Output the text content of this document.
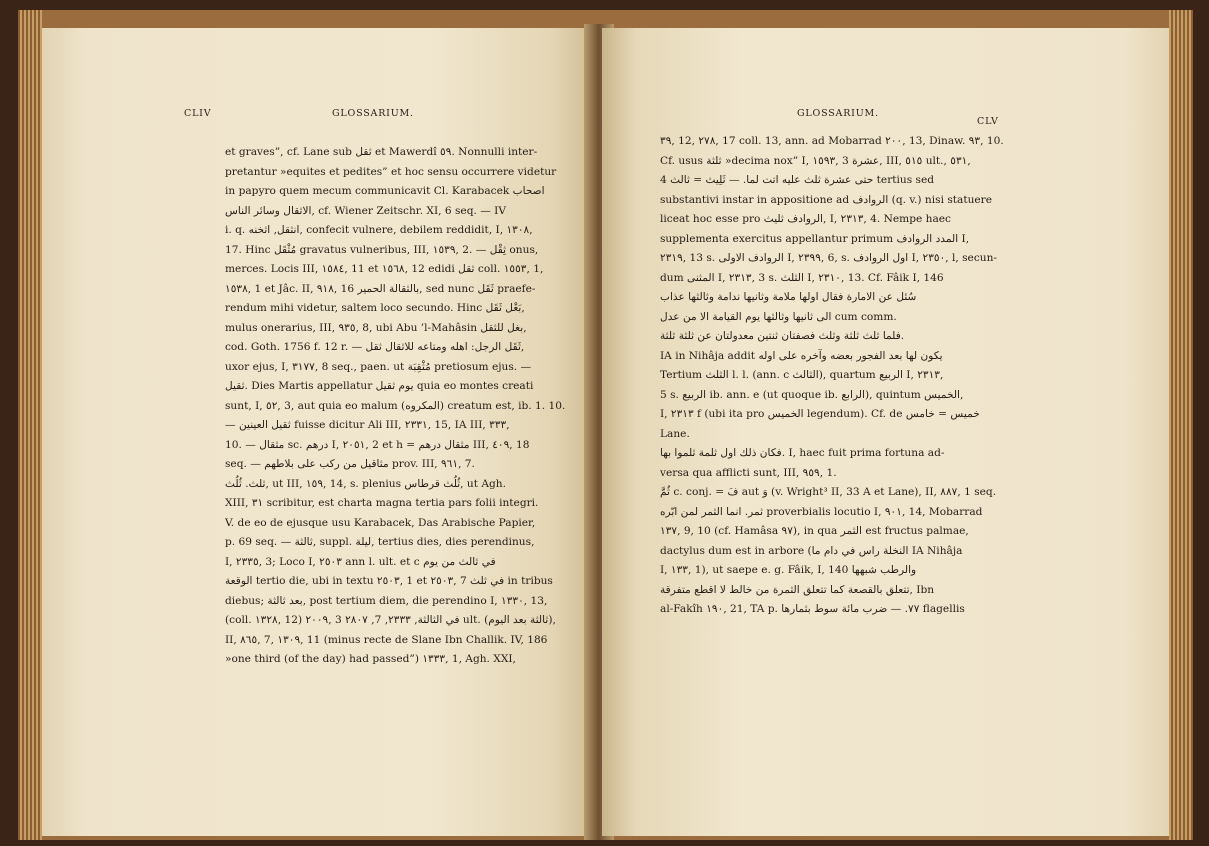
CLIV	GLOSSARIUM.
et graves”, cf. Lane sub ثقل et Mawerdî ٥٩. Nonnulli inter-
pretantur »equites et pedites” et hoc sensu occurrere videtur
in papyro quem mecum communicavit Cl. Karabacek اصحاب
الاثقال وسائر الناس, cf. Wiener Zeitschr. XI, 6 seq. — IV
i. q. انثقل, اثخنه, confecit vulnere, debilem reddidit, I, ١٣٠٨,
17. Hinc مُثْقَل gravatus vulneribus, III, ١٥٣٩, 2. — ثِقْل onus,
merces. Locis III, ١٥٨٤, 11 et ١٥٦٨, 12 edidi ثقل coll. ١٥٥٣, 1,
١٥٣٨, 1 et Jâc. II, ٩١٨, 16 بالثقالة الحمير, sed nunc ثَقَل praefe-
rendum mihi videtur, saltem loco secundo. Hinc بَغْل ثَقَل,
mulus onerarius, III, ٩٣٥, 8, ubi Abu ’l-Mahâsin بغل للثقل,
cod. Goth. 1756 f. 12 r. — ثَقَل الرجل: اهله ومتاعه للاثقال ثقل,
uxor ejus, I, ٣١٧٧, 8 seq., paen. ut مُثْقِبَة pretiosum ejus. —
ثقيل. Dies Martis appellatur يوم ثقيل quia eo montes creati
sunt, I, ٥٢, 3, aut quia eo malum (المكروه) creatum est, ib. 1. 10.
— ثقيل العينين fuisse dicitur Ali III, ٢٣٣١, 15, IA III, ٣٣٣,
10. — مثقال sc. درهم I, ٢٠٥١, 2 et h = مثقال درهم III, ٤٠٩, 18
seq. — مثاقيل من ركب على بلاطهم prov. III, ٩٦١, 7.
ثلث. ثُلُث, ut III, ١٥٩, 14, s. plenius ثُلُث قرطاس, ut Agh.
XIII, ٣١ scribitur, est charta magna tertia pars folii integri.
V. de eo de ejusque usu Karabacek, Das Arabische Papier,
p. 69 seq. — ثالثة, suppl. ليلة, tertius dies, dies perendinus,
I, ٢٣٣٥, 3; Loco I, ٢٥٠٣ ann l. ult. et c في ثالث من يوم
الوقعة tertio die, ubi in textu ٢٥٠٣, 1 et ٢٥٠٣, 7 في ثلث in tribus
diebus; بعد ثالثة, post tertium diem, die perendino I, ١٣٣٠, 13,
(coll. ١٣٢٨, 12) ٢٠٠٩, 3 في الثالثة, ٢٣٣٣, 7, ٢٨٠٧ ult. (ثالثة بعد اليوم),
II, ٨٦٥, 7, ١٣٠٩, 11 (minus recte de Slane Ibn Challik. IV, 186
»one third (of the day) had passed”) ١٣٣٣, 1, Agh. XXI,
GLOSSARIUM.
CLV
٣٩, 12, ٢٧٨, 17 coll. 13, ann. ad Mobarrad ٢٠٠, 13, Dinaw. ٩٣, 10.
Cf. usus ثلثة »decima nox” I, ١٥٩٣, 3 عشرة, III, ٥١٥ ult., ٥٣١,
4 حتى عشرة ثلث عليه اتت لما. — ثَلِيث = ثالث tertius sed
substantivi instar in appositione ad الروادف (q. v.) nisi statuere
liceat hoc esse pro الروادف ثليث, I, ٢٣١٣, 4. Nempe haec
supplementa exercitus appellantur primum المدد الروادف I,
٢٣١٩, 13 s. الروادف الاولى I, ٢٣٩٩, 6, s. اول الروادف I, ٢٣٥٠, l, secun-
dum المثنى I, ٢٣١٣, 3 s. الثلث I, ٢٣١٠, 13. Cf. Fâik I, 146
سُئل عن الامارة فقال اولها ملامة وثانيها ندامة وثالثها عذاب
الى ثانيها وثالثها يوم القيامة الا من عدل cum comm.
فلما ثلث ثلثة وثلث فصفتان ثنتين معدولتان عن ثلثة ثلثة.
IA in Nihâja addit يكون لها بعد الفجور بعضه وآخره على اوله
Tertium الثلث l. l. (ann. c الثالث), quartum الربيع I, ٢٣١٣,
5 s. الربيع ib. ann. e (ut quoque ib. الرابع), quintum الخميس,
I, ٢٣١٣ f (ubi ita pro الخميس legendum). Cf. de خميس = خامس
Lane.
فكان ذلك اول ثلمة ثلموا بها. I, haec fuit prima fortuna ad-
versa qua afflicti sunt, III, ٩٥٩, 1.
ثُمَّ c. conj. = فَ aut وَ (v. Wright³ II, 33 A et Lane), II, ٨٨٧, 1 seq.
ثمر. انما الثمر لمن ابّره proverbialis locutio I, ٩٠١, 14, Mobarrad
١٣٧, 9, 10 (cf. Hamâsa ٩٧), in qua الثمر est fructus palmae,
dactylus dum est in arbore (النخلة راس في دام ما IA Nihâja
I, ١٣٣, 1), ut saepe e. g. Fâik, I, 140 والرطب شبهها
تتعلق بالقصعة كما تتعلق الثمرة من خالط لا اقطع متفرقة, Ibn
al-Fakîh ١٩٠, 21, TA p. ٧٧. — ضرب مائة سوط بثمارها flagellis
